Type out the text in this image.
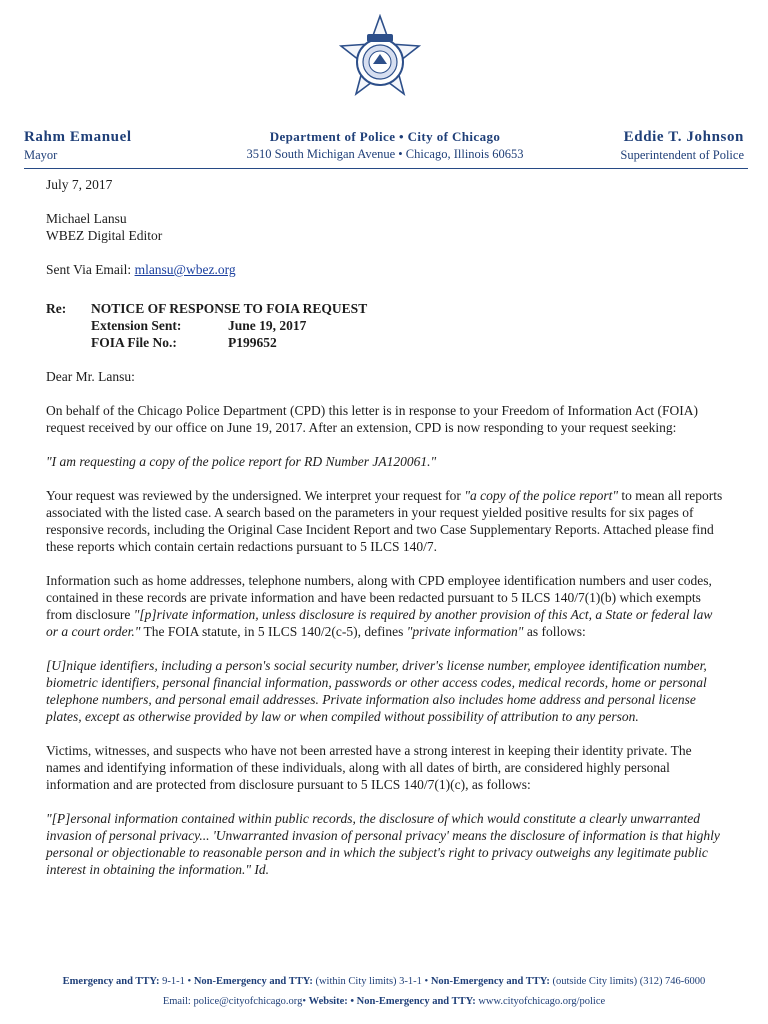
Rahm Emanuel
Mayor
Department of Police • City of Chicago
3510 South Michigan Avenue • Chicago, Illinois 60653
Eddie T. Johnson
Superintendent of Police

July 7, 2017

Michael Lansu

WBEZ Digital Editor

Sent Via Email: mlansu@wbez.org

Re:	NOTICE OF RESPONSE TO FOIA REQUEST
Extension Sent:	June 19, 2017
FOIA File No.:	P199652

Dear Mr. Lansu:

On behalf of the Chicago Police Department (CPD) this letter is in response to your Freedom of Information Act (FOIA) request received by our office on June 19, 2017. After an extension, CPD is now responding to your request seeking:

"I am requesting a copy of the police report for RD Number JA120061."

Your request was reviewed by the undersigned. We interpret your request for "a copy of the police report" to mean all reports associated with the listed case. A search based on the parameters in your request yielded positive results for six pages of responsive records, including the Original Case Incident Report and two Case Supplementary Reports. Attached please find these reports which contain certain redactions pursuant to 5 ILCS 140/7.

Information such as home addresses, telephone numbers, along with CPD employee identification numbers and user codes, contained in these records are private information and have been redacted pursuant to 5 ILCS 140/7(1)(b) which exempts from disclosure "[p]rivate information, unless disclosure is required by another provision of this Act, a State or federal law or a court order." The FOIA statute, in 5 ILCS 140/2(c-5), defines "private information" as follows:

[U]nique identifiers, including a person's social security number, driver's license number, employee identification number, biometric identifiers, personal financial information, passwords or other access codes, medical records, home or personal telephone numbers, and personal email addresses. Private information also includes home address and personal license plates, except as otherwise provided by law or when compiled without possibility of attribution to any person.

Victims, witnesses, and suspects who have not been arrested have a strong interest in keeping their identity private. The names and identifying information of these individuals, along with all dates of birth, are considered highly personal information and are protected from disclosure pursuant to 5 ILCS 140/7(1)(c), as follows:

"[P]ersonal information contained within public records, the disclosure of which would constitute a clearly unwarranted invasion of personal privacy... 'Unwarranted invasion of personal privacy' means the disclosure of information is that highly personal or objectionable to reasonable person and in which the subject's right to privacy outweighs any legitimate public interest in obtaining the information." Id.

Emergency and TTY: 9-1-1 • Non-Emergency and TTY: (within City limits) 3-1-1 • Non-Emergency and TTY: (outside City limits) (312) 746-6000
Email: police@cityofchicago.org• Website: • Non-Emergency and TTY: www.cityofchicago.org/police
